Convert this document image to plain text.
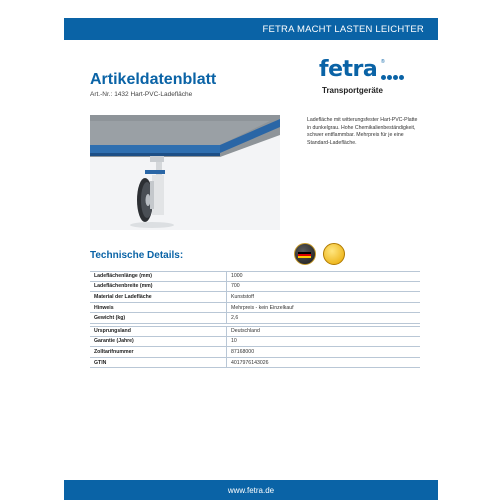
FETRA MACHT LASTEN LEICHTER
Artikeldatenblatt
Art.-Nr.: 1432 Hart-PVC-Ladefläche
fetra ®
Transportgeräte
Ladefläche mit witterungsfester Hart-PVC-Platte in dunkelgrau. Hohe Chemikalienbeständigkeit, schwer entflammbar. Mehrpreis für je eine Standard-Ladefläche.
Technische Details:
Ladeflächenlänge (mm)	1000
Ladeflächenbreite (mm)	700
Material der Ladefläche	Kunststoff
Hinweis	Mehrpreis - kein Einzelkauf
Gewicht (kg)	2,6
Ursprungsland	Deutschland
Garantie (Jahre)	10
Zolltarifnummer	87168000
GTIN	4017976143026
www.fetra.de
